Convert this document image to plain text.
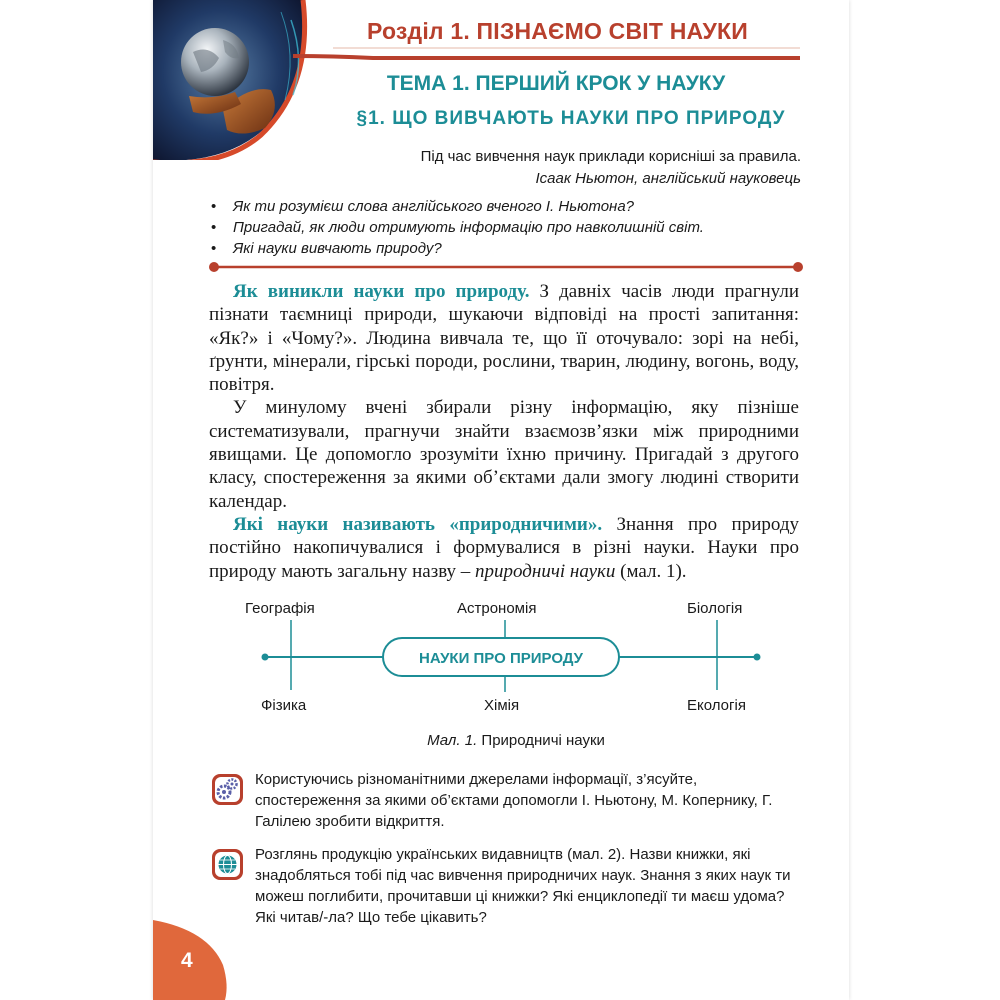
Розділ 1. ПІЗНАЄМО СВІТ НАУКИ
ТЕМА 1. ПЕРШИЙ КРОК У НАУКУ
§1. ЩО ВИВЧАЮТЬ НАУКИ ПРО ПРИРОДУ
Під час вивчення наук приклади корисніші за правила.
Ісаак Ньютон, англійський науковець
• Як ти розумієш слова англійського вченого І. Ньютона?
• Пригадай, як люди отримують інформацію про навколишній світ.
• Які науки вивчають природу?

Як виникли науки про природу. З давніх часів люди прагнули пізнати таємниці природи, шукаючи відповіді на прості запитання: «Як?» і «Чому?». Людина вивчала те, що її оточувало: зорі на небі, ґрунти, мінерали, гірські породи, рослини, тварин, людину, вогонь, воду, повітря.

У минулому вчені збирали різну інформацію, яку пізніше систематизували, прагнучи знайти взаємозв’язки між природними явищами. Це допомогло зрозуміти їхню причину. Пригадай з другого класу, спостереження за якими об’єктами дали змогу людині створити календар.

Які науки називають «природничими». Знання про природу постійно накопичувалися і формувалися в різні науки. Науки про природу мають загальну назву – природничі науки (мал. 1).

НАУКИ ПРО ПРИРОДУ
Географія	Астрономія	Біологія
Фізика	Хімія	Екологія
Мал. 1. Природничі науки
Користуючись різноманітними джерелами інформації, з’ясуйте, спостереження за якими об’єктами допомогли І. Ньютону, М. Копернику, Г. Галілею зробити відкриття.
Розглянь продукцію українських видавництв (мал. 2). Назви книжки, які знадобляться тобі під час вивчення природничих наук. Знання з яких наук ти можеш поглибити, прочитавши ці книжки? Які енциклопедії ти маєш удома? Які читав/-ла? Що тебе цікавить?
4
